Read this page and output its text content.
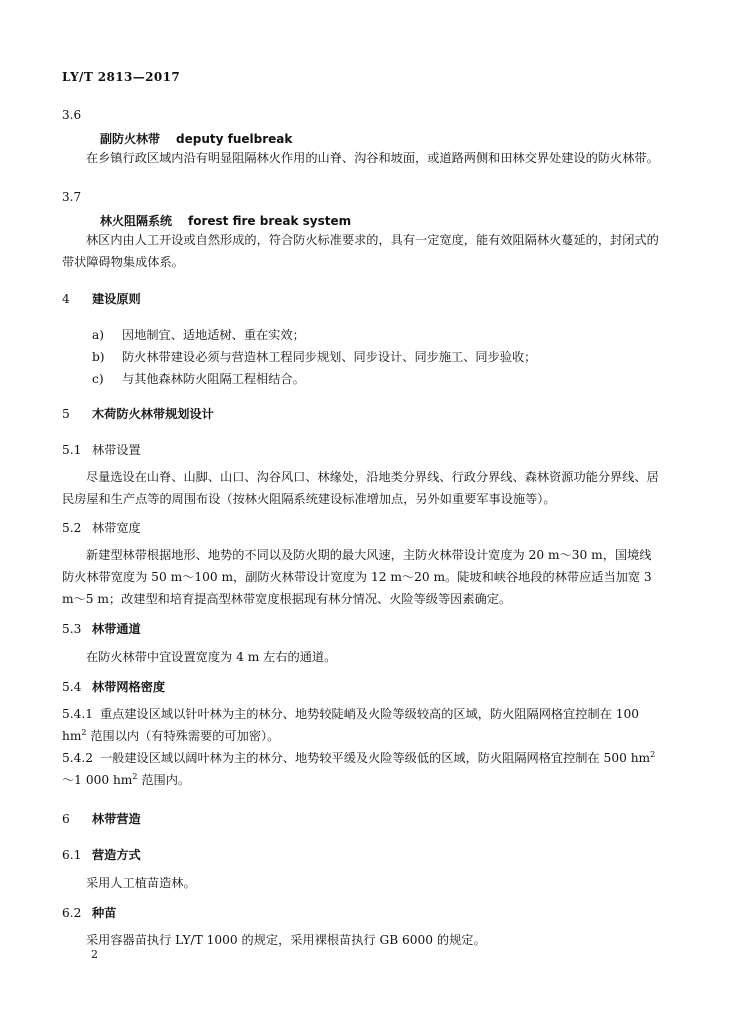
LY/T 2813—2017
3.6
副防火林带 deputy fuelbreak
在乡镇行政区域内沿有明显阻隔林火作用的山脊、沟谷和坡面，或道路两侧和田林交界处建设的防火林带。
3.7
林火阻隔系统 forest fire break system
林区内由人工开设或自然形成的，符合防火标准要求的，具有一定宽度，能有效阻隔林火蔓延的，封闭式的带状障碍物集成体系。
4 建设原则
a) 因地制宜、适地适树、重在实效；
b) 防火林带建设必须与营造林工程同步规划、同步设计、同步施工、同步验收；
c) 与其他森林防火阻隔工程相结合。
5 木荷防火林带规划设计
5.1 林带设置
尽量选设在山脊、山脚、山口、沟谷风口、林缘处，沿地类分界线、行政分界线、森林资源功能分界线、居民房屋和生产点等的周围布设（按林火阻隔系统建设标准增加点，另外如重要军事设施等）。
5.2 林带宽度
新建型林带根据地形、地势的不同以及防火期的最大风速，主防火林带设计宽度为 20 m～30 m，国境线防火林带宽度为 50 m～100 m，副防火林带设计宽度为 12 m～20 m。陡坡和峡谷地段的林带应适当加宽 3 m～5 m；改建型和培育提高型林带宽度根据现有林分情况、火险等级等因素确定。
5.3 林带通道
在防火林带中宜设置宽度为 4 m 左右的通道。
5.4 林带网格密度
5.4.1 重点建设区域以针叶林为主的林分、地势较陡峭及火险等级较高的区域，防火阻隔网格宜控制在 100 $hm^2$ 范围以内（有特殊需要的可加密）。
5.4.2 一般建设区域以阔叶林为主的林分、地势较平缓及火险等级低的区域，防火阻隔网格宜控制在 500 $hm^2\sim 1$ 000 $hm^2$ 范围内。
6 林带营造
6.1 营造方式
采用人工植苗造林。
6.2 种苗
采用容器苗执行 LY/T 1000 的规定，采用裸根苗执行 GB 6000 的规定。
2
